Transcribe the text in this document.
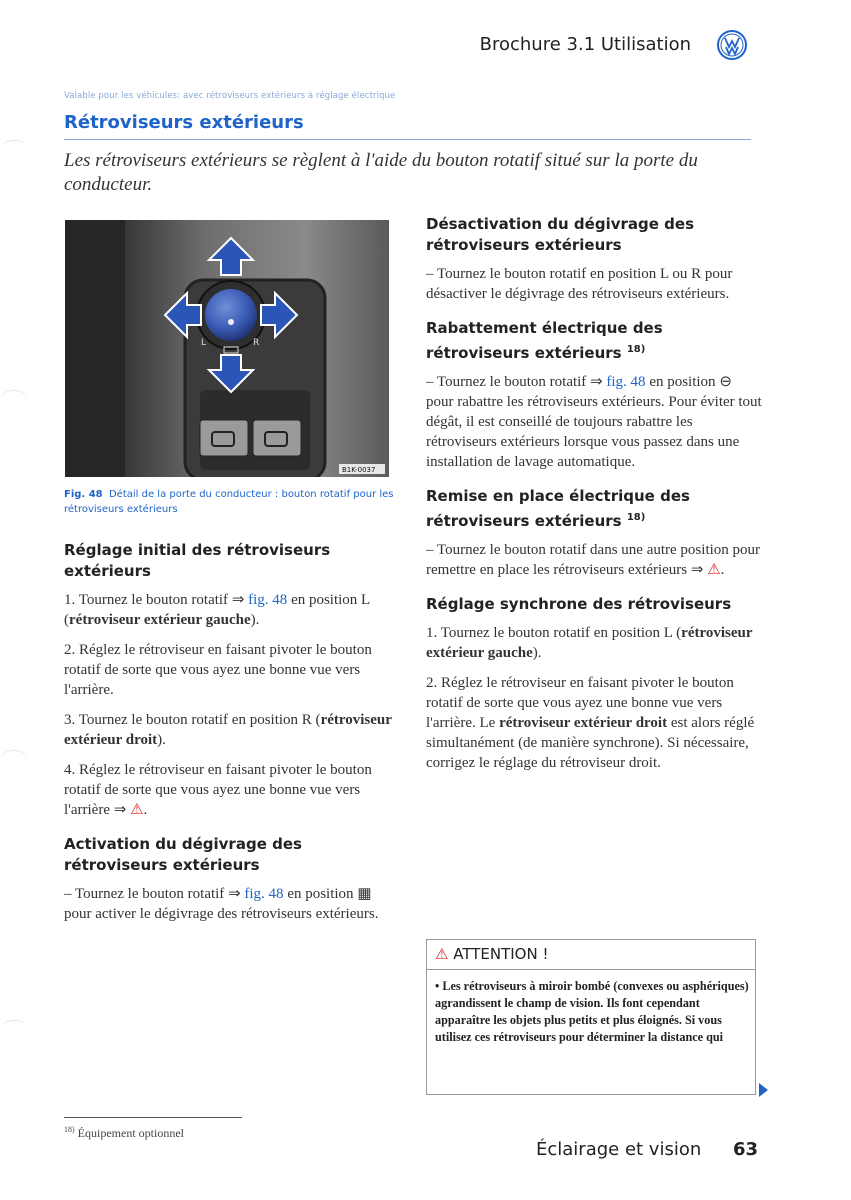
Brochure 3.1 Utilisation
Valable pour les véhicules: avec rétroviseurs extérieurs à réglage électrique
Rétroviseurs extérieurs
Les rétroviseurs extérieurs se règlent à l'aide du bouton rotatif situé sur la porte du conducteur.
L	R
B1K-0037
Fig. 48 Détail de la porte du conducteur : bouton rotatif pour les rétroviseurs extérieurs
Réglage initial des rétroviseurs extérieurs

1. Tournez le bouton rotatif ⇒ fig. 48 en position L (rétroviseur extérieur gauche).

2. Réglez le rétroviseur en faisant pivoter le bouton rotatif de sorte que vous ayez une bonne vue vers l'arrière.

3. Tournez le bouton rotatif en position R (rétroviseur extérieur droit).

4. Réglez le rétroviseur en faisant pivoter le bouton rotatif de sorte que vous ayez une bonne vue vers l'arrière ⇒ ⚠.

Activation du dégivrage des rétroviseurs extérieurs

– Tournez le bouton rotatif ⇒ fig. 48 en position ▦ pour activer le dégivrage des rétroviseurs extérieurs.

Désactivation du dégivrage des rétroviseurs extérieurs

– Tournez le bouton rotatif en position L ou R pour désactiver le dégivrage des rétroviseurs extérieurs.

Rabattement électrique des rétroviseurs extérieurs $^{18)}$

– Tournez le bouton rotatif ⇒ fig. 48 en position ⊖ pour rabattre les rétroviseurs extérieurs. Pour éviter tout dégât, il est conseillé de toujours rabattre les rétroviseurs extérieurs lorsque vous passez dans une installation de lavage automatique.

Remise en place électrique des rétroviseurs extérieurs $^{18)}$

– Tournez le bouton rotatif dans une autre position pour remettre en place les rétroviseurs extérieurs ⇒ ⚠.

Réglage synchrone des rétroviseurs

1. Tournez le bouton rotatif en position L (rétroviseur extérieur gauche).

2. Réglez le rétroviseur en faisant pivoter le bouton rotatif de sorte que vous ayez une bonne vue vers l'arrière. Le rétroviseur extérieur droit est alors réglé simultanément (de manière synchrone). Si nécessaire, corrigez le réglage du rétroviseur droit.

⚠ ATTENTION !
• Les rétroviseurs à miroir bombé (convexes ou asphériques) agrandissent le champ de vision. Ils font cependant apparaître les objets plus petits et plus éloignés. Si vous utilisez ces rétroviseurs pour déterminer la distance qui
$^{18)}$ Équipement optionnel
Éclairage et vision 63
